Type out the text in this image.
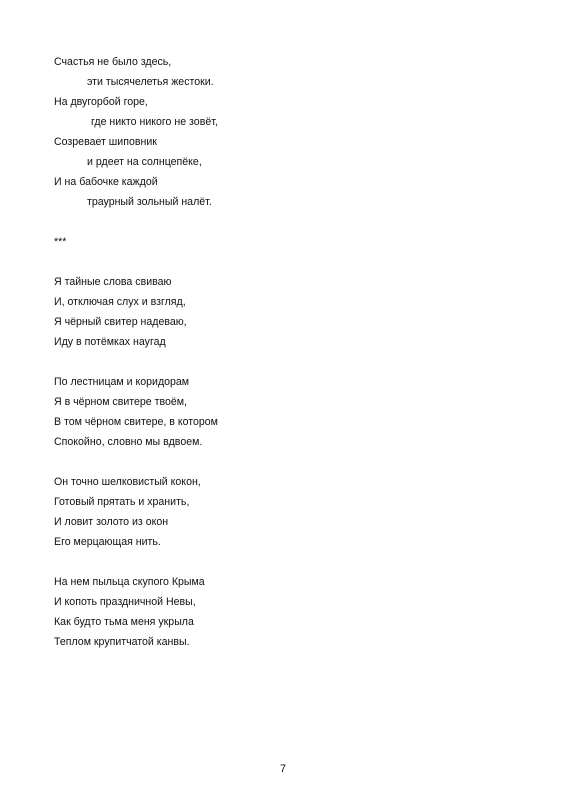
Счастья не было здесь,
эти тысячелетья жестоки.
На двугорбой горе,
где никто никого не зовёт,
Созревает шиповник
и рдеет на солнцепёке,
И на бабочке каждой
траурный зольный налёт.
***
Я тайные слова свиваю
И, отключая слух и взгляд,
Я чёрный свитер надеваю,
Иду в потёмках наугад
По лестницам и коридорам
Я в чёрном свитере твоём,
В том чёрном свитере, в котором
Спокойно, словно мы вдвоем.
Он точно шелковистый кокон,
Готовый прятать и хранить,
И ловит золото из окон
Его мерцающая нить.
На нем пыльца скупого Крыма
И копоть праздничной Невы,
Как будто тьма меня укрыла
Теплом крупитчатой канвы.
7
